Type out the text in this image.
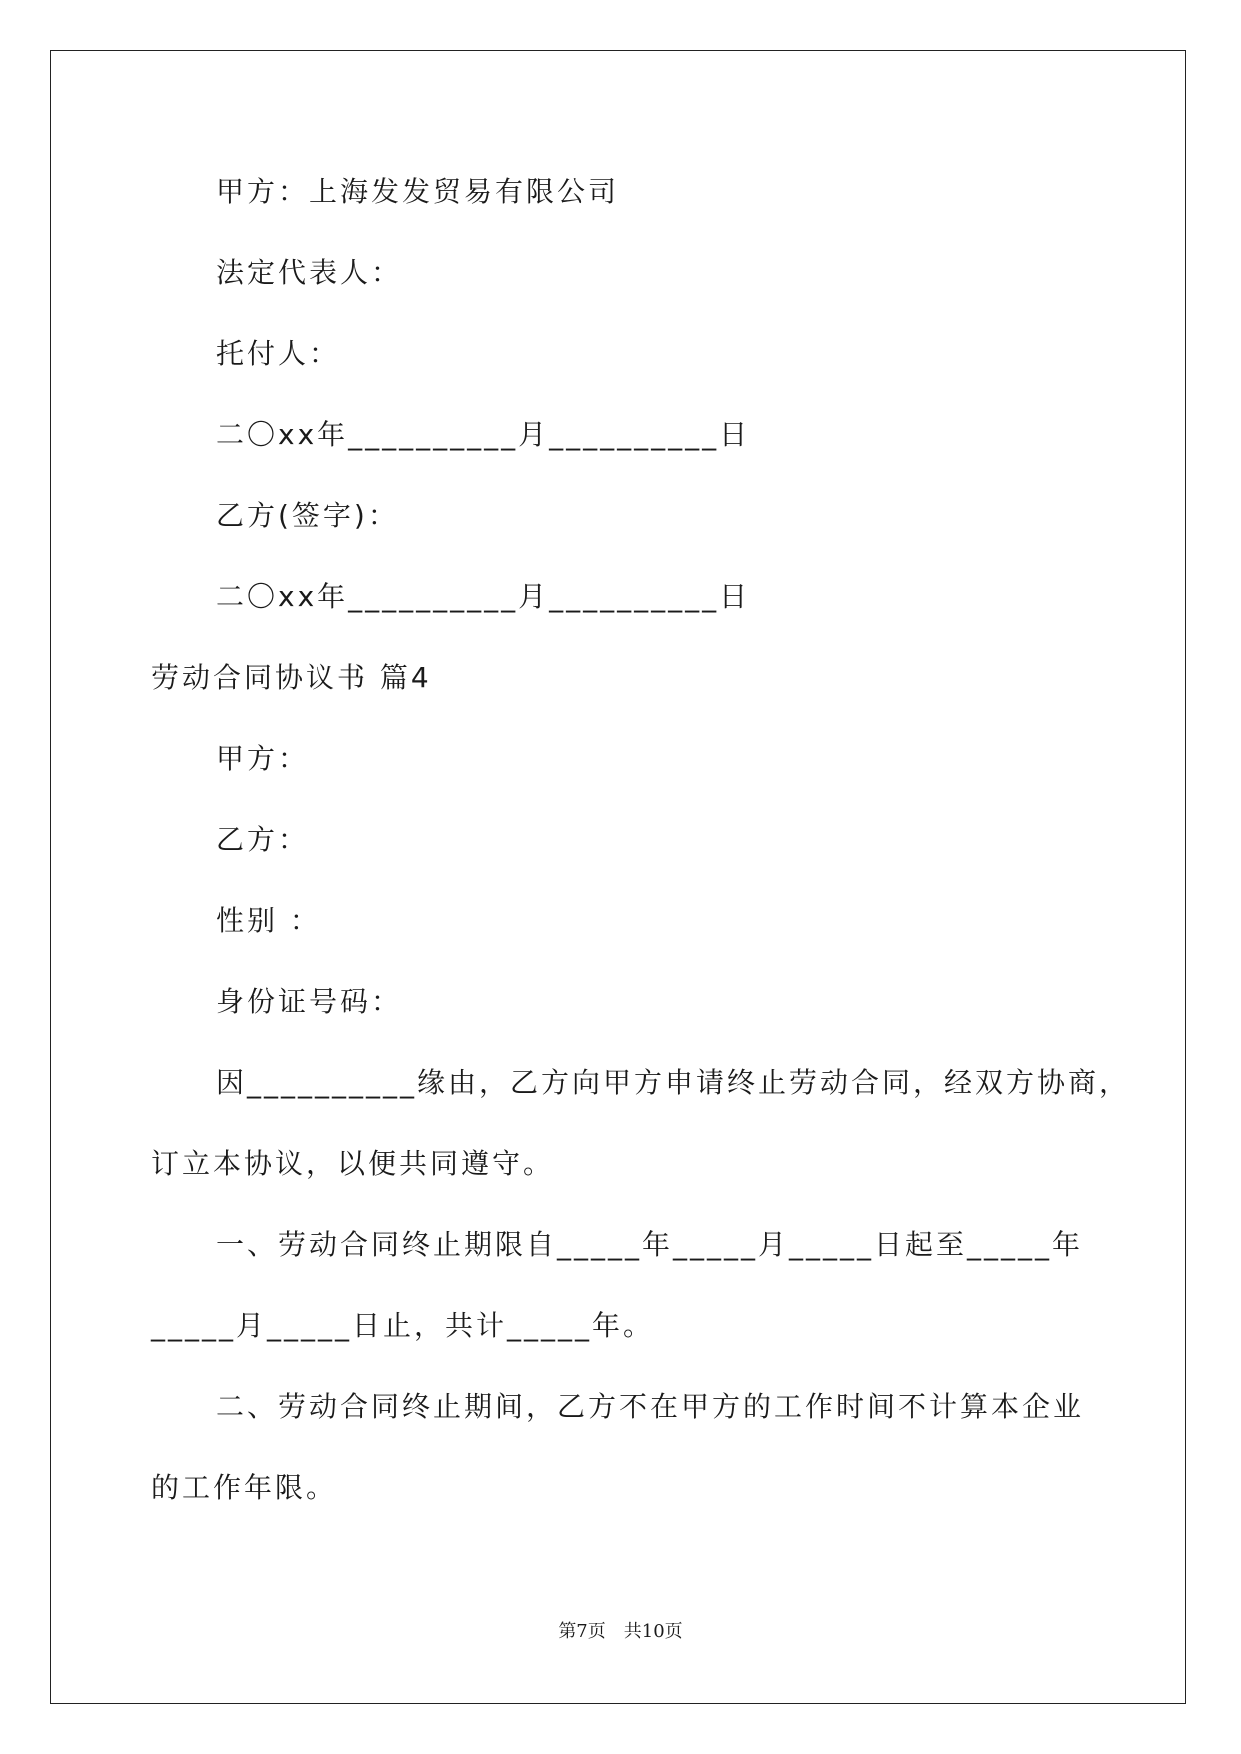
甲方：上海发发贸易有限公司
法定代表人：
托付人：
二〇xx年__________月__________日
乙方(签字)：
二〇xx年__________月__________日
劳动合同协议书 篇4
甲方：
乙方：
性别 ：
身份证号码：
因__________缘由，乙方向甲方申请终止劳动合同，经双方协商，
订立本协议，以便共同遵守。
一、劳动合同终止期限自_____年_____月_____日起至_____年
_____月_____日止，共计_____年。
二、劳动合同终止期间，乙方不在甲方的工作时间不计算本企业
的工作年限。
第7页　共10页
